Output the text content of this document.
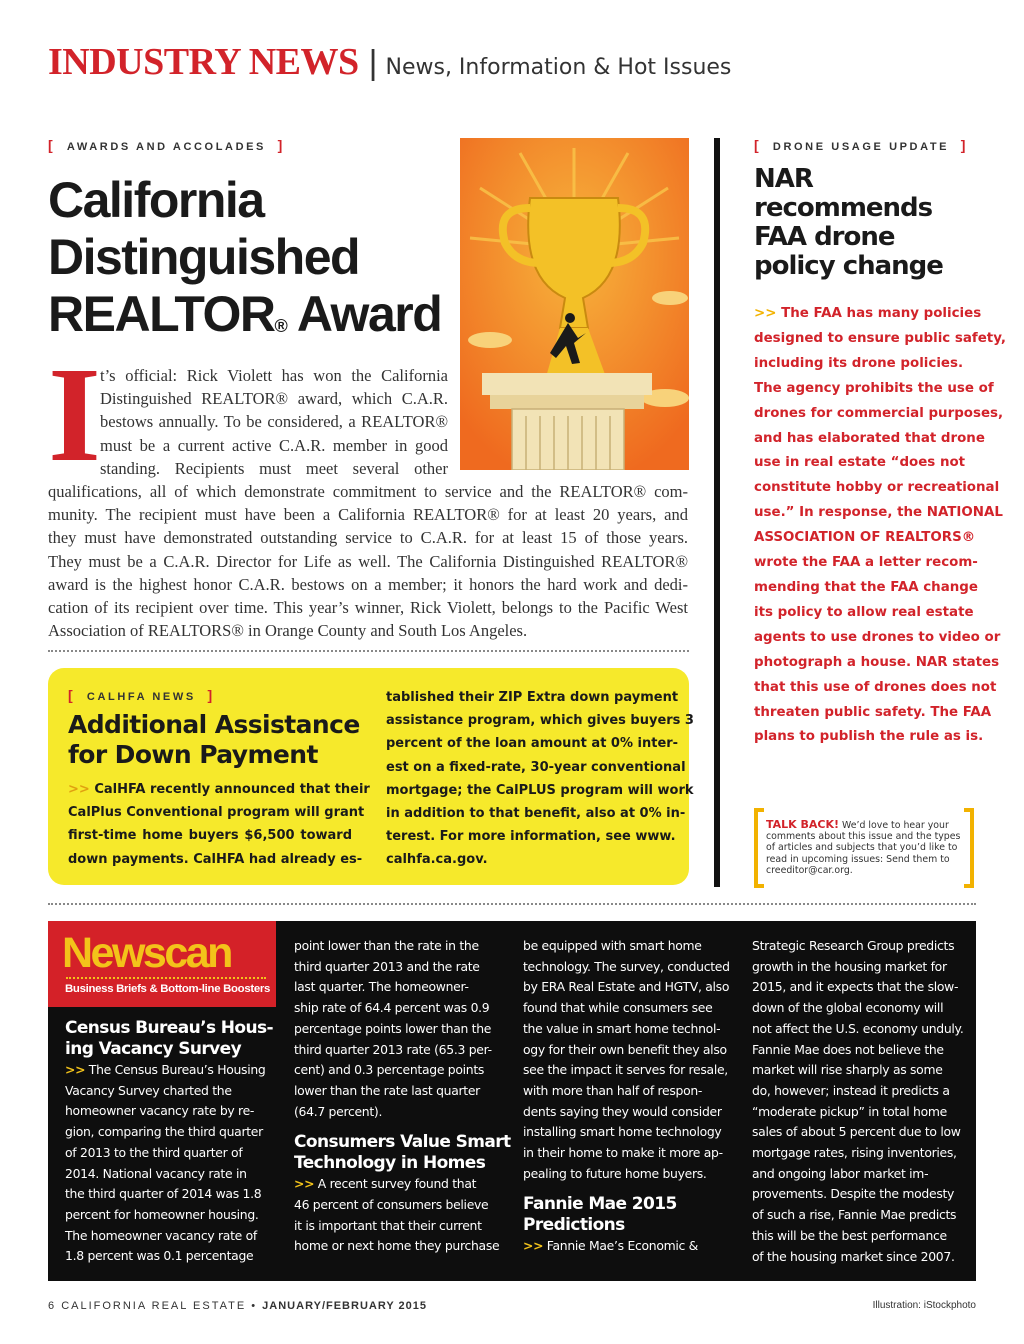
INDUSTRY NEWS | News, Information & Hot Issues
[ AWARDS AND ACCOLADES ]
California
Distinguished
REALTOR® Award
I t’s official: Rick Violett has won the California
Distinguished REALTOR® award, which C.A.R.
bestows annually. To be considered, a REALTOR®
must be a current active C.A.R. member in good
standing. Recipients must meet several other
qualifications, all of which demonstrate commitment to service and the REALTOR® com-
munity. The recipient must have been a California REALTOR® for at least 20 years, and
they must have demonstrated outstanding service to C.A.R. for at least 15 of those years.
They must be a C.A.R. Director for Life as well. The California Distinguished REALTOR®
award is the highest honor C.A.R. bestows on a member; it honors the hard work and dedi-
cation of its recipient over time. This year’s winner, Rick Violett, belongs to the Pacific West
Association of REALTORS® in Orange County and South Los Angeles.
[ CALHFA NEWS ]
Additional Assistance
for Down Payment
>> CalHFA recently announced that their
CalPlus Conventional program will grant
first-time home buyers $6,500 toward
down payments. CalHFA had already es-
tablished their ZIP Extra down payment
assistance program, which gives buyers 3
percent of the loan amount at 0% inter-
est on a fixed-rate, 30-year conventional
mortgage; the CalPLUS program will work
in addition to that benefit, also at 0% in-
terest. For more information, see www.
calhfa.ca.gov.
[ DRONE USAGE UPDATE ]
NAR
recommends
FAA drone
policy change
>> The FAA has many policies
designed to ensure public safety,
including its drone policies.
The agency prohibits the use of
drones for commercial purposes,
and has elaborated that drone
use in real estate “does not
constitute hobby or recreational
use.” In response, the NATIONAL
ASSOCIATION OF REALTORS®
wrote the FAA a letter recom-
mending that the FAA change
its policy to allow real estate
agents to use drones to video or
photograph a house. NAR states
that this use of drones does not
threaten public safety. The FAA
plans to publish the rule as is.
TALK BACK! We’d love to hear your
comments about this issue and the types
of articles and subjects that you’d like to
read in upcoming issues: Send them to
creeditor@car.org.
Newscan
Business Briefs & Bottom-line Boosters
Census Bureau’s Hous-
ing Vacancy Survey
>> The Census Bureau’s Housing
Vacancy Survey charted the
homeowner vacancy rate by re-
gion, comparing the third quarter
of 2013 to the third quarter of
2014. National vacancy rate in
the third quarter of 2014 was 1.8
percent for homeowner housing.
The homeowner vacancy rate of
1.8 percent was 0.1 percentage
point lower than the rate in the
third quarter 2013 and the rate
last quarter. The homeowner-
ship rate of 64.4 percent was 0.9
percentage points lower than the
third quarter 2013 rate (65.3 per-
cent) and 0.3 percentage points
lower than the rate last quarter
(64.7 percent).
Consumers Value Smart
Technology in Homes
>> A recent survey found that
46 percent of consumers believe
it is important that their current
home or next home they purchase
be equipped with smart home
technology. The survey, conducted
by ERA Real Estate and HGTV, also
found that while consumers see
the value in smart home technol-
ogy for their own benefit they also
see the impact it serves for resale,
with more than half of respon-
dents saying they would consider
installing smart home technology
in their home to make it more ap-
pealing to future home buyers.
Fannie Mae 2015
Predictions
>> Fannie Mae’s Economic &
Strategic Research Group predicts
growth in the housing market for
2015, and it expects that the slow-
down of the global economy will
not affect the U.S. economy unduly.
Fannie Mae does not believe the
market will rise sharply as some
do, however; instead it predicts a
“moderate pickup” in total home
sales of about 5 percent due to low
mortgage rates, rising inventories,
and ongoing labor market im-
provements. Despite the modesty
of such a rise, Fannie Mae predicts
this will be the best performance
of the housing market since 2007.
6 CALIFORNIA REAL ESTATE • JANUARY/FEBRUARY 2015	Illustration: iStockphoto
